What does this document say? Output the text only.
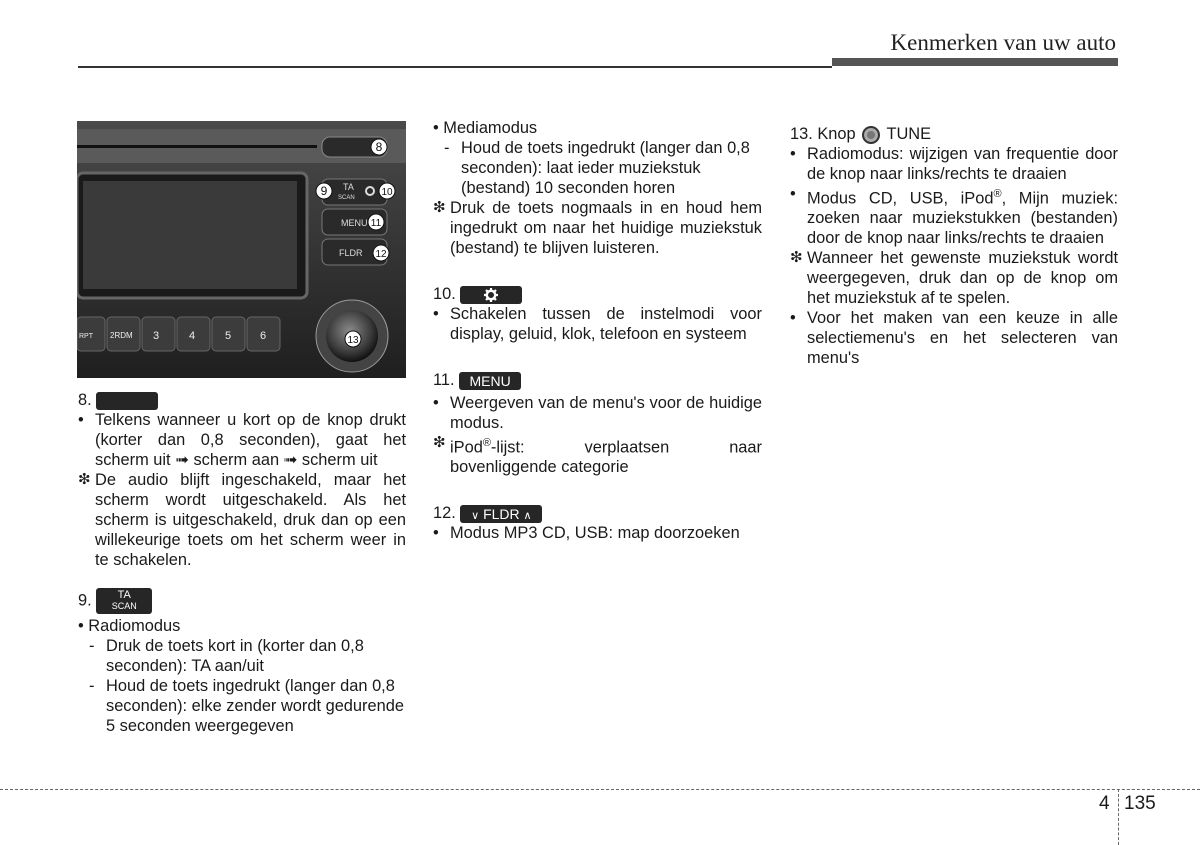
Kenmerken van uw auto
TA
SCAN
MENU
FLDR
RPT 2RDM 3	4	5	6
8
9	10
11
12
13

8.

• Telkens wanneer u kort op de knop drukt (korter dan 0,8 seconden), gaat het scherm uit ➟ scherm aan ➟ scherm uit
❇ De audio blijft ingeschakeld, maar het scherm wordt uitgeschakeld. Als het scherm is uitgeschakeld, druk dan op een willekeurige toets om het scherm weer in te schakelen.

9.	TA
SCAN

• Radiomodus

- Druk de toets kort in (korter dan 0,8 seconden): TA aan/uit
- Houd de toets ingedrukt (langer dan 0,8 seconden): elke zender wordt gedurende 5 seconden weergegeven

• Mediamodus

- Houd de toets ingedrukt (langer dan 0,8 seconden): laat ieder muziekstuk (bestand) 10 seconden horen
❇ Druk de toets nogmaals in en houd hem ingedrukt om naar het huidige muziekstuk (bestand) te blijven luisteren.

10.

• Schakelen tussen de instelmodi voor display, geluid, klok, telefoon en systeem

11. MENU

• Weergeven van de menu's voor de huidige modus.
❇ iPod®-lijst: verplaatsen naar bovenliggende categorie

12. ∨ FLDR ∧

• Modus MP3 CD, USB: map doorzoeken

13. Knop TUNE

• Radiomodus: wijzigen van frequentie door de knop naar links/rechts te draaien
• Modus CD, USB, iPod®, Mijn muziek: zoeken naar muziekstukken (bestanden) door de knop naar links/rechts te draaien
❇ Wanneer het gewenste muziekstuk wordt weergegeven, druk dan op de knop om het muziekstuk af te spelen.
• Voor het maken van een keuze in alle selectiemenu's en het selecteren van menu's
4 135
